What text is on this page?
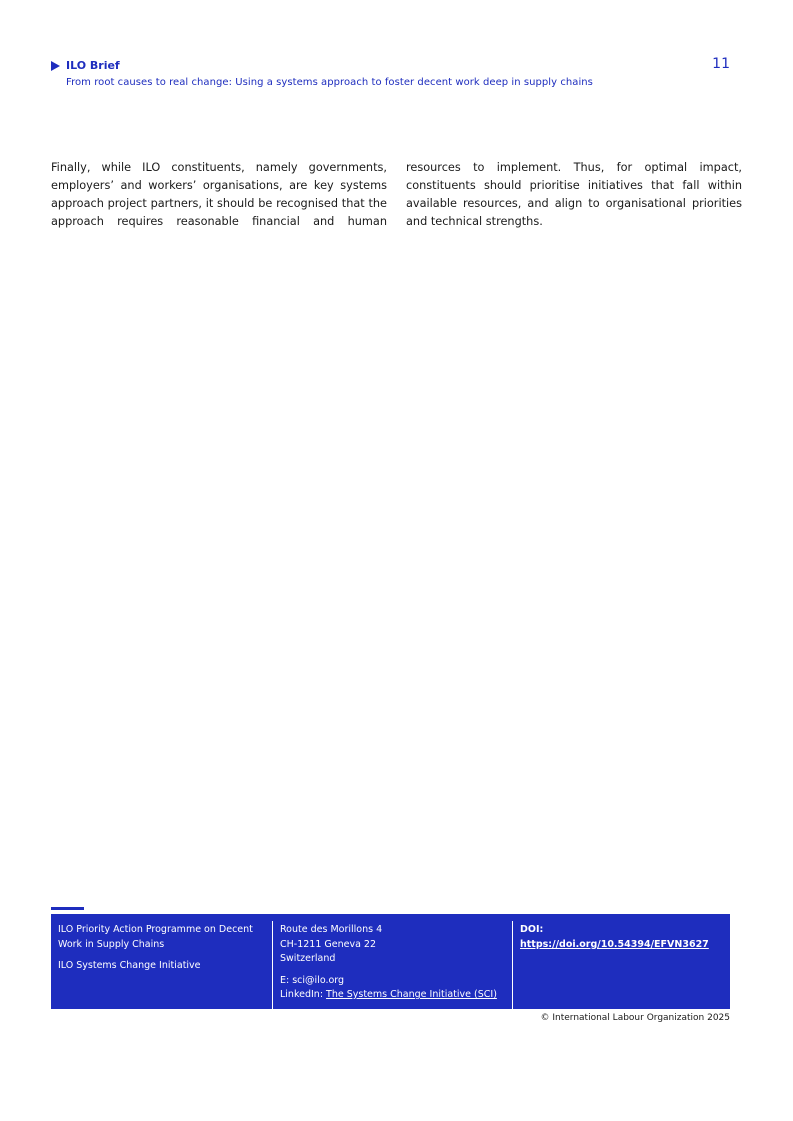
ILO Brief
From root causes to real change: Using a systems approach to foster decent work deep in supply chains
11

Finally, while ILO constituents, namely governments, employers’ and workers’ organisations, are key systems approach project partners, it should be recognised that the approach requires reasonable financial and human

resources to implement. Thus, for optimal impact, constituents should prioritise initiatives that fall within available resources, and align to organisational priorities and technical strengths.

ILO Priority Action Programme on Decent Work in Supply Chains

ILO Systems Change Initiative

Route des Morillons 4

CH-1211 Geneva 22

Switzerland

E: sci@ilo.org

LinkedIn: The Systems Change Initiative (SCI)

DOI: https://doi.org/10.54394/EFVN3627

© International Labour Organization 2025
